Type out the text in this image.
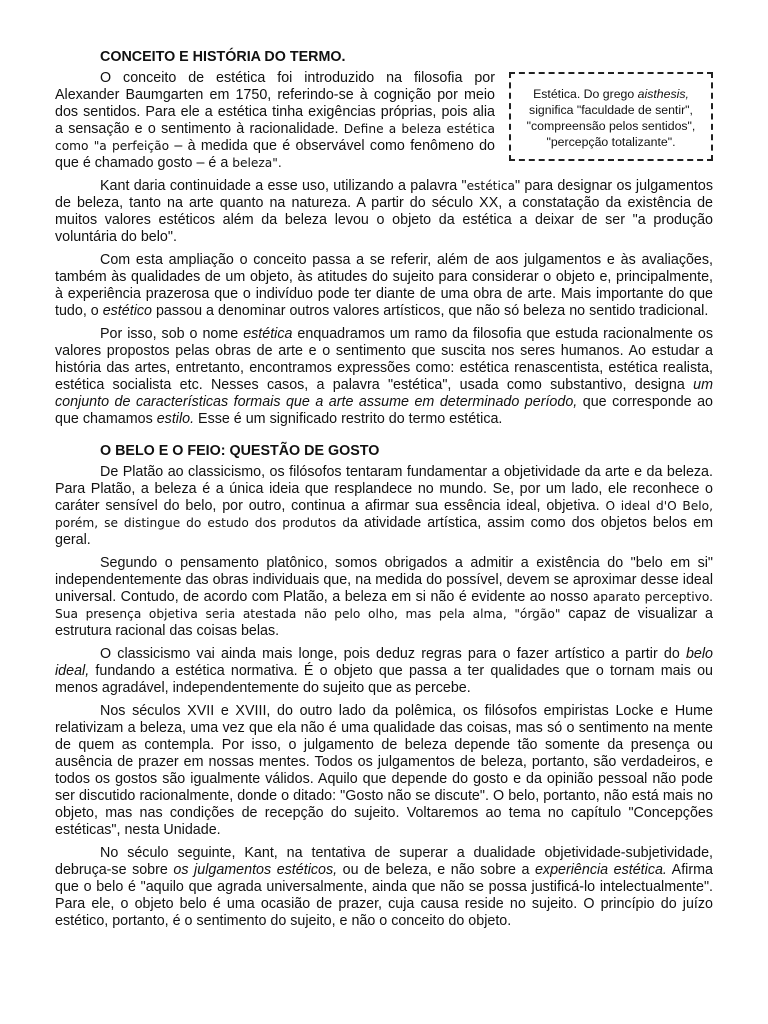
CONCEITO E HISTÓRIA DO TERMO.

Estética. Do grego aisthesis, significa "faculdade de sentir", "compreensão pelos sentidos", "percepção totalizante".

O conceito de estética foi introduzido na filosofia por Alexander Baumgarten em 1750, referindo-se à cognição por meio dos sentidos. Para ele a estética tinha exigências próprias, pois alia a sensação e o sentimento à racionalidade. Define a beleza estética como "a perfeição – à medida que é observável como fenômeno do que é chamado gosto – é a beleza".

Kant daria continuidade a esse uso, utilizando a palavra "estética" para designar os julgamentos de beleza, tanto na arte quanto na natureza. A partir do século XX, a constatação da existência de muitos valores estéticos além da beleza levou o objeto da estética a deixar de ser "a produção voluntária do belo".

Com esta ampliação o conceito passa a se referir, além de aos julgamentos e às avaliações, também às qualidades de um objeto, às atitudes do sujeito para considerar o objeto e, principalmente, à experiência prazerosa que o indivíduo pode ter diante de uma obra de arte. Mais importante do que tudo, o estético passou a denominar outros valores artísticos, que não só beleza no sentido tradicional.

Por isso, sob o nome estética enquadramos um ramo da filosofia que estuda racionalmente os valores propostos pelas obras de arte e o sentimento que suscita nos seres humanos. Ao estudar a história das artes, entretanto, encontramos expressões como: estética renascentista, estética realista, estética socialista etc. Nesses casos, a palavra "estética", usada como substantivo, designa um conjunto de características formais que a arte assume em determinado período, que corresponde ao que chamamos estilo. Esse é um significado restrito do termo estética.

O BELO E O FEIO: QUESTÃO DE GOSTO

De Platão ao classicismo, os filósofos tentaram fundamentar a objetividade da arte e da beleza. Para Platão, a beleza é a única ideia que resplandece no mundo. Se, por um lado, ele reconhece o caráter sensível do belo, por outro, continua a afirmar sua essência ideal, objetiva. O ideal d'O Belo, porém, se distingue do estudo dos produtos da atividade artística, assim como dos objetos belos em geral.

Segundo o pensamento platônico, somos obrigados a admitir a existência do "belo em si" independentemente das obras individuais que, na medida do possível, devem se aproximar desse ideal universal. Contudo, de acordo com Platão, a beleza em si não é evidente ao nosso aparato perceptivo. Sua presença objetiva seria atestada não pelo olho, mas pela alma, "órgão" capaz de visualizar a estrutura racional das coisas belas.

O classicismo vai ainda mais longe, pois deduz regras para o fazer artístico a partir do belo ideal, fundando a estética normativa. É o objeto que passa a ter qualidades que o tornam mais ou menos agradável, independentemente do sujeito que as percebe.

Nos séculos XVII e XVIII, do outro lado da polêmica, os filósofos empiristas Locke e Hume relativizam a beleza, uma vez que ela não é uma qualidade das coisas, mas só o sentimento na mente de quem as contempla. Por isso, o julgamento de beleza depende tão somente da presença ou ausência de prazer em nossas mentes. Todos os julgamentos de beleza, portanto, são verdadeiros, e todos os gostos são igualmente válidos. Aquilo que depende do gosto e da opinião pessoal não pode ser discutido racionalmente, donde o ditado: "Gosto não se discute". O belo, portanto, não está mais no objeto, mas nas condições de recepção do sujeito. Voltaremos ao tema no capítulo "Concepções estéticas", nesta Unidade.

No século seguinte, Kant, na tentativa de superar a dualidade objetividade-subjetividade, debruça-se sobre os julgamentos estéticos, ou de beleza, e não sobre a experiência estética. Afirma que o belo é "aquilo que agrada universalmente, ainda que não se possa justificá-lo intelectualmente". Para ele, o objeto belo é uma ocasião de prazer, cuja causa reside no sujeito. O princípio do juízo estético, portanto, é o sentimento do sujeito, e não o conceito do objeto.
